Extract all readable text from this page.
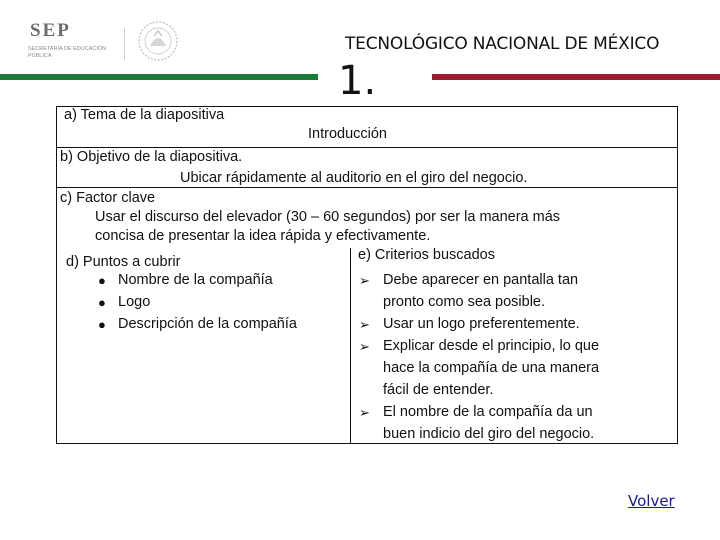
SEP
SECRETARÍA DE EDUCACIÓN PÚBLICA
TECNOLÓGICO NACIONAL DE MÉXICO
1.
a) Tema de la diapositiva
Introducción
b) Objetivo de la diapositiva.
Ubicar rápidamente al auditorio en el giro del negocio.
c) Factor clave
Usar el discurso del elevador (30 – 60 segundos) por ser la manera más
concisa de presentar la idea rápida y efectivamente.
d) Puntos a cubrir	e) Criterios buscados
● Nombre de la compañía
● Logo
● Descripción de la compañía
➢ Debe aparecer en pantalla tan
pronto como sea posible.
➢ Usar un logo preferentemente.
➢ Explicar desde el principio, lo que
hace la compañía de una manera
fácil de entender.
➢ El nombre de la compañía da un
buen indicio del giro del negocio.
Volver
